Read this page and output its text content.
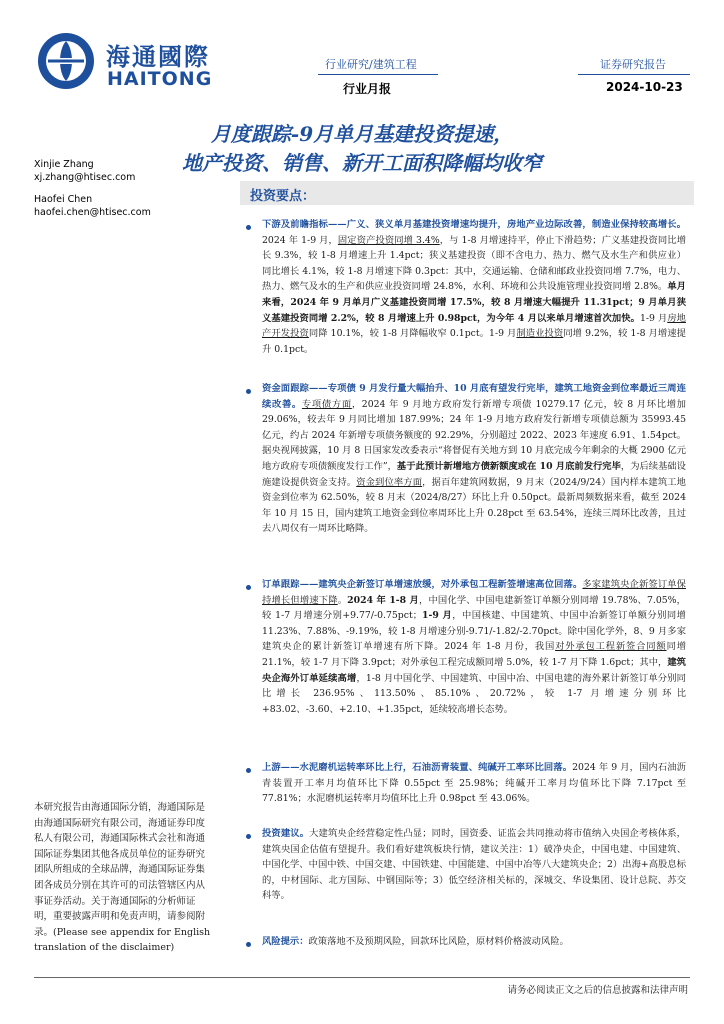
海通國際
HAITONG
行业研究/建筑工程
行业月报
证券研究报告
2024-10-23
月度跟踪-9月单月基建投资提速，
地产投资、销售、新开工面积降幅均收窄
Xinjie Zhang
xj.zhang@htisec.com
Haofei Chen
haofei.chen@htisec.com
投资要点：
下游及前瞻指标——广义、狭义单月基建投资增速均提升，房地产业边际改善，制造业保持较高增长。2024 年 1-9 月，固定资产投资同增 3.4%，与 1-8 月增速持平，停止下滑趋势；广义基建投资同比增长 9.3%，较 1-8 月增速上升 1.4pct；狭义基建投资（即不含电力、热力、燃气及水生产和供应业）同比增长 4.1%，较 1-8 月增速下降 0.3pct：其中，交通运输、仓储和邮政业投资同增 7.7%，电力、热力、燃气及水的生产和供应业投资同增 24.8%，水利、环境和公共设施管理业投资同增 2.8%。单月来看，2024 年 9 月单月广义基建投资同增 17.5%，较 8 月增速大幅提升 11.31pct；9 月单月狭义基建投资同增 2.2%，较 8 月增速上升 0.98pct，为今年 4 月以来单月增速首次加快。1-9 月房地产开发投资同降 10.1%，较 1-8 月降幅收窄 0.1pct。1-9 月制造业投资同增 9.2%，较 1-8 月增速提升 0.1pct。
资金面跟踪——专项债 9 月发行量大幅抬升、10 月底有望发行完毕，建筑工地资金到位率最近三周连续改善。专项债方面，2024 年 9 月地方政府发行新增专项债 10279.17 亿元，较 8 月环比增加 29.06%，较去年 9 月同比增加 187.99%；24 年 1-9 月地方政府发行新增专项债总额为 35993.45 亿元，约占 2024 年新增专项债务额度的 92.29%，分别超过 2022、2023 年速度 6.91、1.54pct。据央视网披露，10 月 8 日国家发改委表示“将督促有关地方到 10 月底完成今年剩余的大概 2900 亿元地方政府专项债额度发行工作”，基于此预计新增地方债新额度或在 10 月底前发行完毕，为后续基础设施建设提供资金支持。资金到位率方面，据百年建筑网数据，9 月末（2024/9/24）国内样本建筑工地资金到位率为 62.50%，较 8 月末（2024/8/27）环比上升 0.50pct。最新周频数据来看，截至 2024 年 10 月 15 日，国内建筑工地资金到位率周环比上升 0.28pct 至 63.54%，连续三周环比改善，且过去八周仅有一周环比略降。
订单跟踪——建筑央企新签订单增速放缓，对外承包工程新签增速高位回落。多家建筑央企新签订单保持增长但增速下降。2024 年 1-8 月，中国化学、中国电建新签订单额分别同增 19.78%、7.05%，较 1-7 月增速分别+9.77/-0.75pct；1-9 月，中国核建、中国建筑、中国中冶新签订单额分别同增 11.23%、7.88%、-9.19%，较 1-8 月增速分别-9.71/-1.82/-2.70pct。除中国化学外，8、9 月多家建筑央企的累计新签订单增速有所下降。2024 年 1-8 月份，我国对外承包工程新签合同额同增 21.1%，较 1-7 月下降 3.9pct；对外承包工程完成额同增 5.0%，较 1-7 月下降 1.6pct；其中，建筑央企海外订单延续高增，1-8 月中国化学、中国建筑、中国中冶、中国电建的海外累计新签订单分别同比增长 236.95%、113.50%、85.10%、20.72%，较 1-7 月增速分别环比+83.02、-3.60、+2.10、+1.35pct，延续较高增长态势。
上游——水泥磨机运转率环比上行，石油沥青装置、纯碱开工率环比回落。2024 年 9 月，国内石油沥青装置开工率月均值环比下降 0.55pct 至 25.98%；纯碱开工率月均值环比下降 7.17pct 至 77.81%；水泥磨机运转率月均值环比上升 0.98pct 至 43.06%。
投资建议。大建筑央企经营稳定性凸显；同时，国资委、证监会共同推动将市值纳入央国企考核体系，建筑央国企估值有望提升。我们看好建筑板块行情，建议关注：1）破净央企，中国电建、中国建筑、中国化学、中国中铁、中国交建、中国铁建、中国能建、中国中冶等八大建筑央企；2）出海+高股息标的，中材国际、北方国际、中钢国际等；3）低空经济相关标的，深城交、华设集团、设计总院、苏交科等。
风险提示：政策落地不及预期风险，回款环比风险，原材料价格波动风险。
本研究报告由海通国际分销，海通国际是由海通国际研究有限公司，海通证券印度私人有限公司，海通国际株式会社和海通国际证券集团其他各成员单位的证券研究团队所组成的全球品牌，海通国际证券集团各成员分别在其许可的司法管辖区内从事证券活动。关于海通国际的分析师证明，重要披露声明和免责声明，请参阅附录。(Please see appendix for English translation of the disclaimer)
请务必阅读正文之后的信息披露和法律声明
